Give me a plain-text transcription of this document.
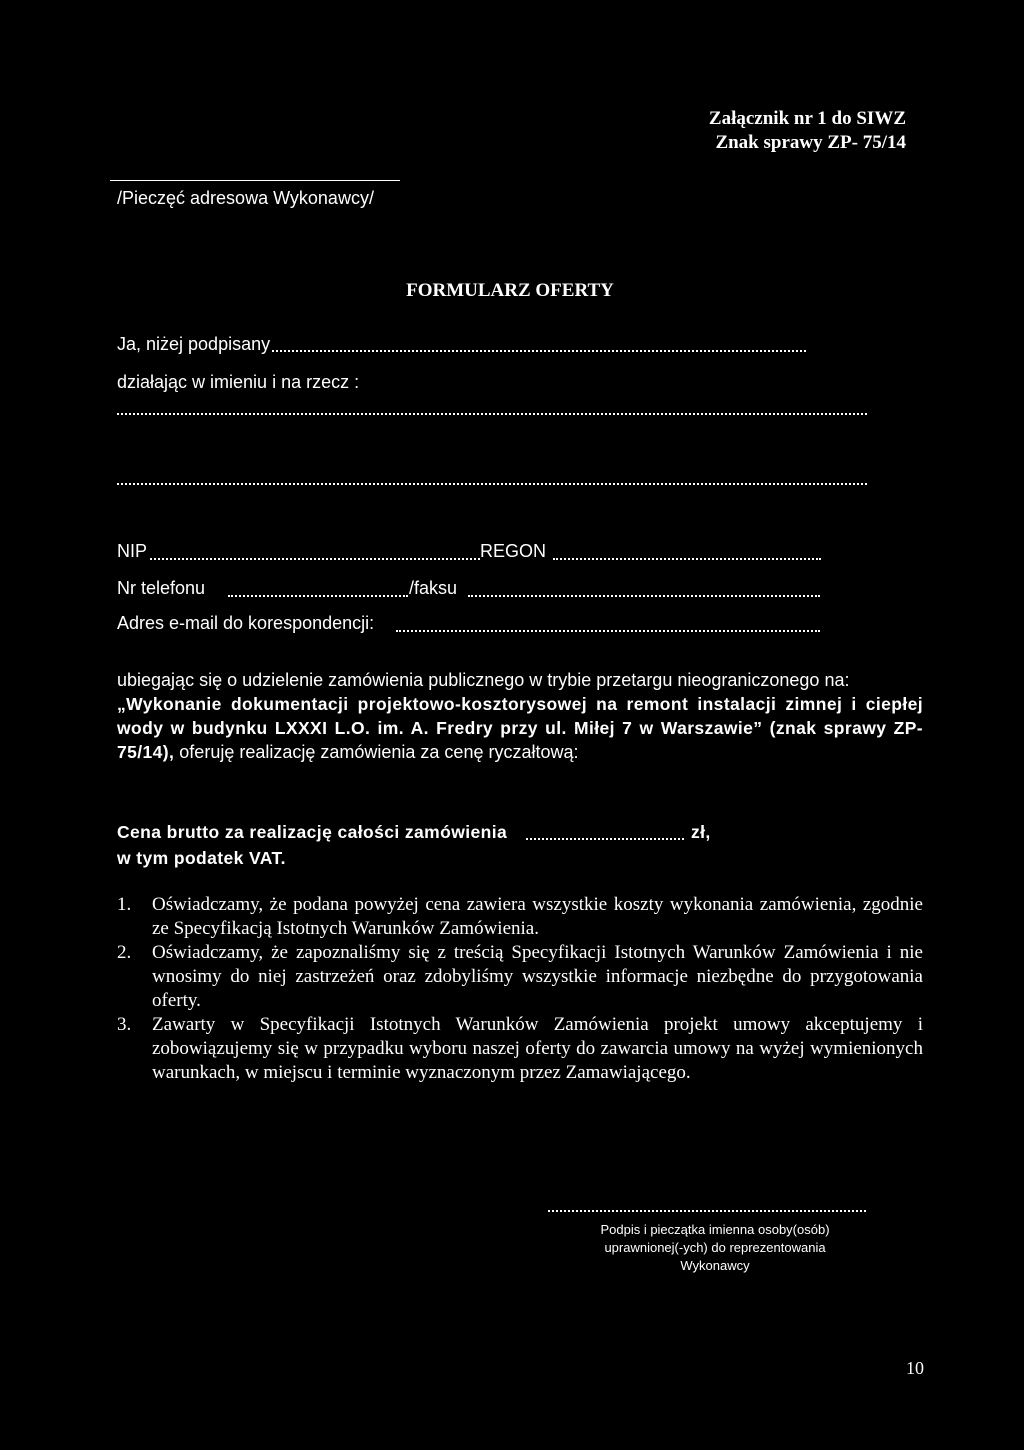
Załącznik nr 1 do SIWZ
Znak sprawy ZP- 75/14
/Pieczęć adresowa Wykonawcy/
FORMULARZ OFERTY
Ja, niżej podpisany
działając w imieniu i na rzecz :
NIP	REGON
Nr telefonu	/faksu
Adres e-mail do korespondencji:
ubiegając się o udzielenie zamówienia publicznego w trybie przetargu nieograniczonego na:
„Wykonanie dokumentacji projektowo-kosztorysowej na remont instalacji zimnej i ciepłej wody w budynku LXXXI L.O. im. A. Fredry przy ul. Miłej 7 w Warszawie” (znak sprawy ZP- 75/14), oferuję realizację zamówienia za cenę ryczałtową:
Cena brutto za realizację całości zamówienia	zł,
w tym podatek VAT.
1. Oświadczamy, że podana powyżej cena zawiera wszystkie koszty wykonania zamówienia, zgodnie ze Specyfikacją Istotnych Warunków Zamówienia.
2. Oświadczamy, że zapoznaliśmy się z treścią Specyfikacji Istotnych Warunków Zamówienia i nie wnosimy do niej zastrzeżeń oraz zdobyliśmy wszystkie informacje niezbędne do przygotowania oferty.
3. Zawarty w Specyfikacji Istotnych Warunków Zamówienia projekt umowy akceptujemy i zobowiązujemy się w przypadku wyboru naszej oferty do zawarcia umowy na wyżej wymienionych warunkach, w miejscu i terminie wyznaczonym przez Zamawiającego.
Podpis i pieczątka imienna osoby(osób)
uprawnionej(-ych) do reprezentowania
Wykonawcy
10
